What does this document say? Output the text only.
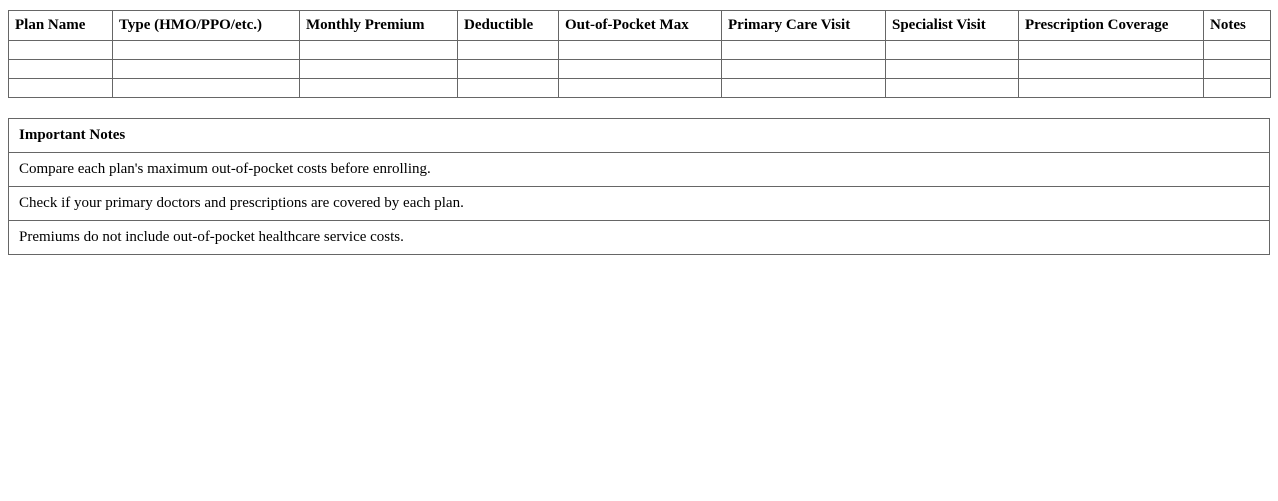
Plan Name	Type (HMO/PPO/etc.)	Monthly Premium	Deductible	Out-of-Pocket Max	Primary Care Visit	Specialist Visit	Prescription Coverage	Notes

Important Notes
Compare each plan's maximum out-of-pocket costs before enrolling.
Check if your primary doctors and prescriptions are covered by each plan.
Premiums do not include out-of-pocket healthcare service costs.
